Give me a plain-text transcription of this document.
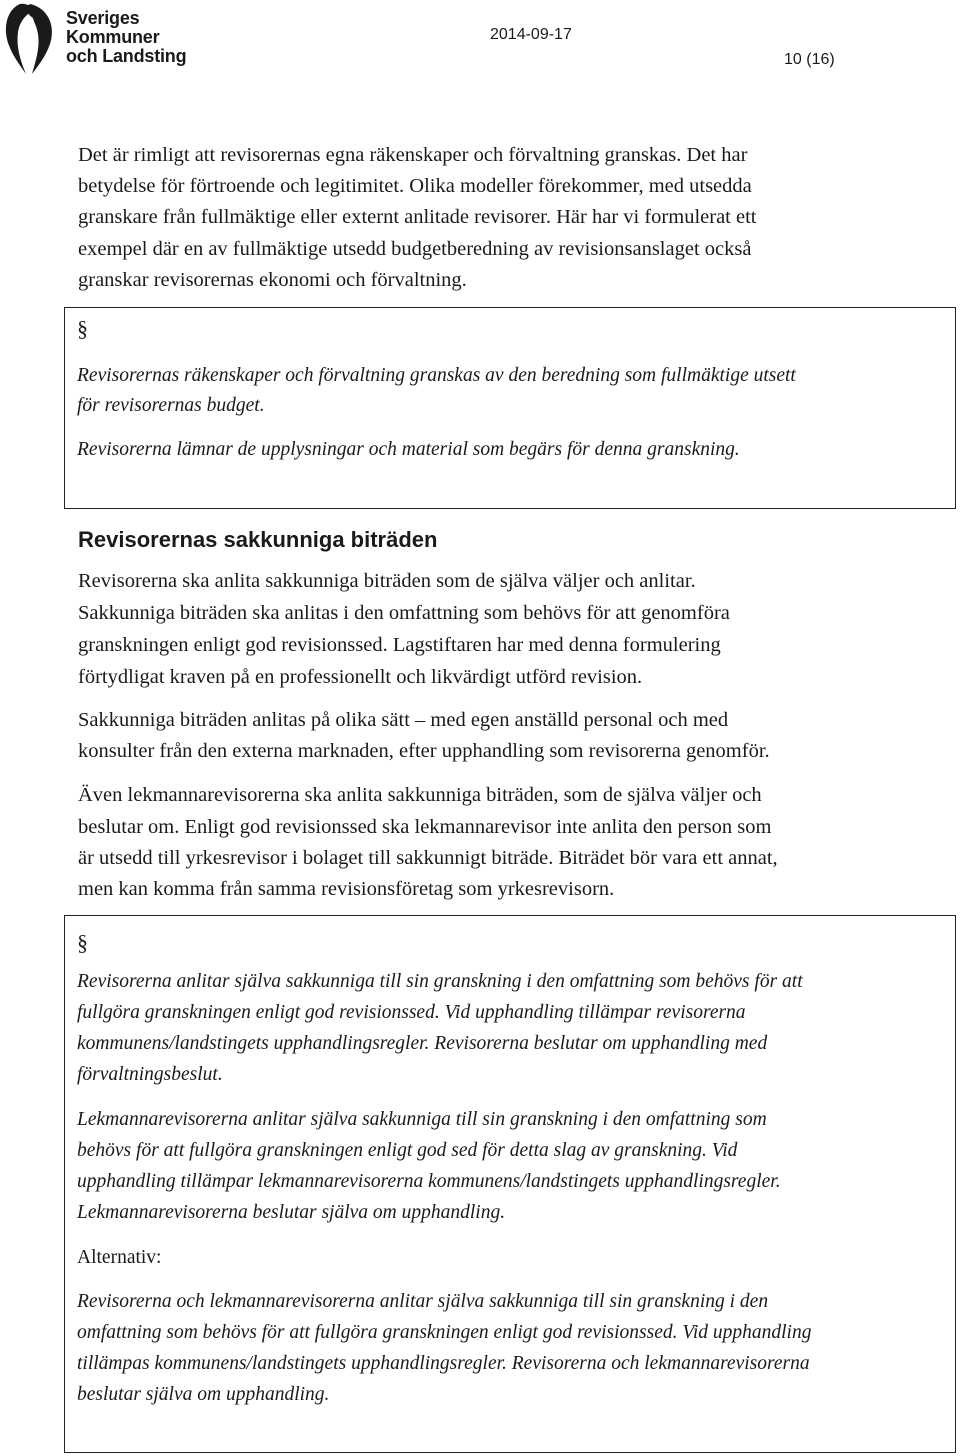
Sveriges
Kommuner
och Landsting
2014-09-17
10 (16)

Det är rimligt att revisorernas egna räkenskaper och förvaltning granskas. Det har

betydelse för förtroende och legitimitet. Olika modeller förekommer, med utsedda

granskare från fullmäktige eller externt anlitade revisorer. Här har vi formulerat ett

exempel där en av fullmäktige utsedd budgetberedning av revisionsanslaget också

granskar revisorernas ekonomi och förvaltning.

§
Revisorernas räkenskaper och förvaltning granskas av den beredning som fullmäktige utsett
för revisorernas budget.
Revisorerna lämnar de upplysningar och material som begärs för denna granskning.
Revisorernas sakkunniga biträden

Revisorerna ska anlita sakkunniga biträden som de själva väljer och anlitar.

Sakkunniga biträden ska anlitas i den omfattning som behövs för att genomföra

granskningen enligt god revisionssed. Lagstiftaren har med denna formulering

förtydligat kraven på en professionellt och likvärdigt utförd revision.

Sakkunniga biträden anlitas på olika sätt – med egen anställd personal och med

konsulter från den externa marknaden, efter upphandling som revisorerna genomför.

Även lekmannarevisorerna ska anlita sakkunniga biträden, som de själva väljer och

beslutar om. Enligt god revisionssed ska lekmannarevisor inte anlita den person som

är utsedd till yrkesrevisor i bolaget till sakkunnigt biträde. Biträdet bör vara ett annat,

men kan komma från samma revisionsföretag som yrkesrevisorn.

§
Revisorerna anlitar själva sakkunniga till sin granskning i den omfattning som behövs för att
fullgöra granskningen enligt god revisionssed. Vid upphandling tillämpar revisorerna
kommunens/landstingets upphandlingsregler. Revisorerna beslutar om upphandling med
förvaltningsbeslut.
Lekmannarevisorerna anlitar själva sakkunniga till sin granskning i den omfattning som
behövs för att fullgöra granskningen enligt god sed för detta slag av granskning. Vid
upphandling tillämpar lekmannarevisorerna kommunens/landstingets upphandlingsregler.
Lekmannarevisorerna beslutar själva om upphandling.
Alternativ:
Revisorerna och lekmannarevisorerna anlitar själva sakkunniga till sin granskning i den
omfattning som behövs för att fullgöra granskningen enligt god revisionssed. Vid upphandling
tillämpas kommunens/landstingets upphandlingsregler. Revisorerna och lekmannarevisorerna
beslutar själva om upphandling.
